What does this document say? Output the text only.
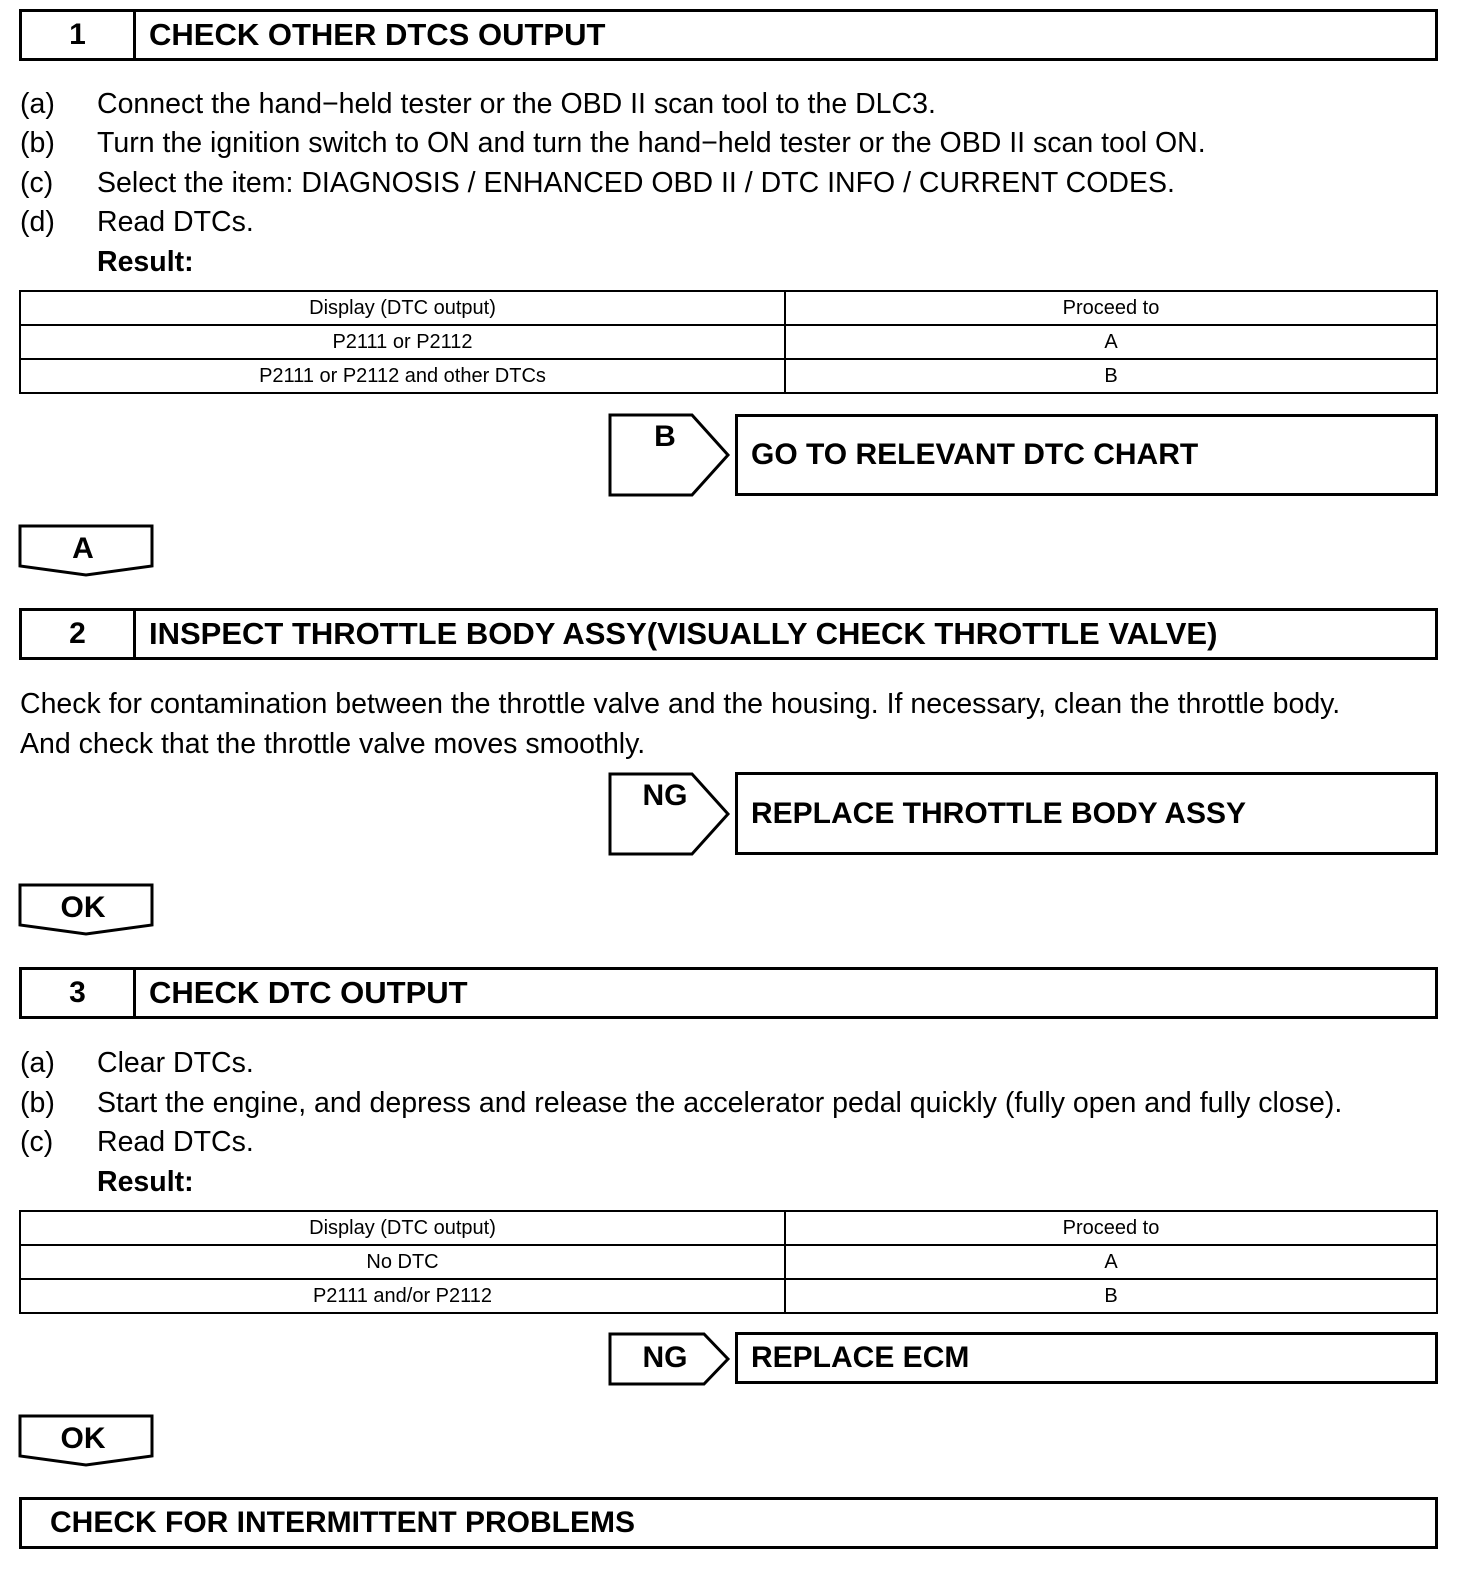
1	CHECK OTHER DTCS OUTPUT
(a) Connect the hand−held tester or the OBD II scan tool to the DLC3.
(b) Turn the ignition switch to ON and turn the hand−held tester or the OBD II scan tool ON.
(c) Select the item: DIAGNOSIS / ENHANCED OBD II / DTC INFO / CURRENT CODES.
(d) Read DTCs.
Result:
Display (DTC output)	Proceed to
P2111 or P2112	A
P2111 or P2112 and other DTCs	B
B
GO TO RELEVANT DTC CHART
A
2	INSPECT THROTTLE BODY ASSY(VISUALLY CHECK THROTTLE VALVE)
Check for contamination between the throttle valve and the housing. If necessary, clean the throttle body.
And check that the throttle valve moves smoothly.
NG
REPLACE THROTTLE BODY ASSY
OK
3	CHECK DTC OUTPUT
(a) Clear DTCs.
(b) Start the engine, and depress and release the accelerator pedal quickly (fully open and fully close).
(c) Read DTCs.
Result:
Display (DTC output)	Proceed to
No DTC	A
P2111 and/or P2112	B
NG	REPLACE ECM
OK
CHECK FOR INTERMITTENT PROBLEMS
